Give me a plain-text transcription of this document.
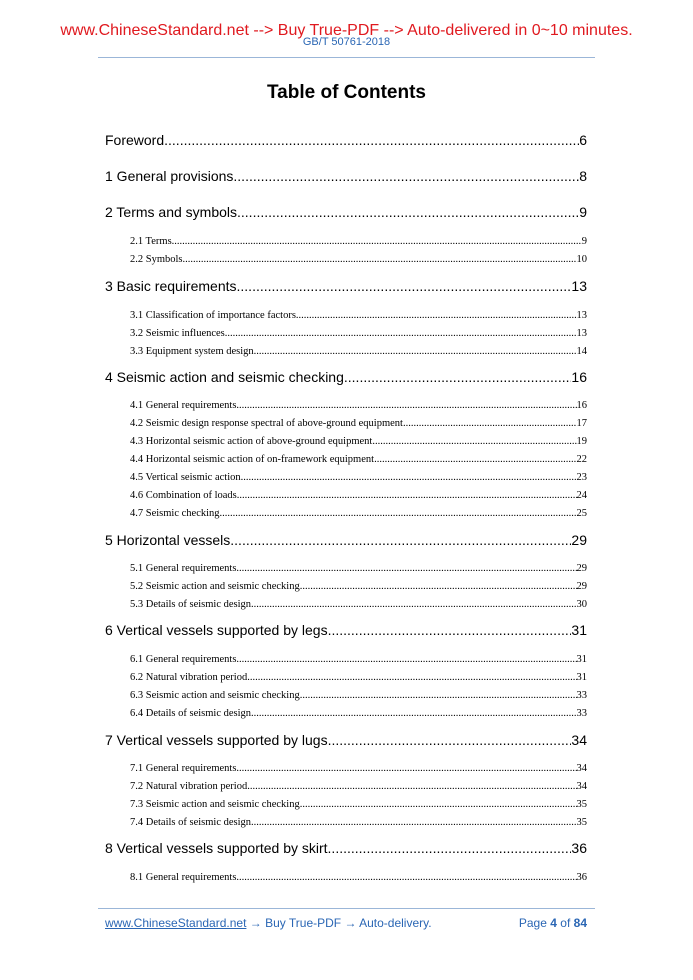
www.ChineseStandard.net --> Buy True-PDF --> Auto-delivered in 0~10 minutes.
GB/T 50761-2018
Table of Contents
Foreword .....	6
1 General provisions .....	8
2 Terms and symbols .....	9
2.1 Terms .....	9
2.2 Symbols .....	10
3 Basic requirements .....	13
3.1 Classification of importance factors .....	13
3.2 Seismic influences .....	13
3.3 Equipment system design .....	14
4 Seismic action and seismic checking .....	16
4.1 General requirements .....	16
4.2 Seismic design response spectral of above-ground equipment .....	17
4.3 Horizontal seismic action of above-ground equipment .....	19
4.4 Horizontal seismic action of on-framework equipment .....	22
4.5 Vertical seismic action .....	23
4.6 Combination of loads .....	24
4.7 Seismic checking .....	25
5 Horizontal vessels .....	29
5.1 General requirements .....	29
5.2 Seismic action and seismic checking .....	29
5.3 Details of seismic design .....	30
6 Vertical vessels supported by legs .....	31
6.1 General requirements .....	31
6.2 Natural vibration period .....	31
6.3 Seismic action and seismic checking .....	33
6.4 Details of seismic design .....	33
7 Vertical vessels supported by lugs .....	34
7.1 General requirements .....	34
7.2 Natural vibration period .....	34
7.3 Seismic action and seismic checking .....	35
7.4 Details of seismic design .....	35
8 Vertical vessels supported by skirt .....	36
8.1 General requirements .....	36
www.ChineseStandard.net → Buy True-PDF → Auto-delivery.	Page 4 of 84
